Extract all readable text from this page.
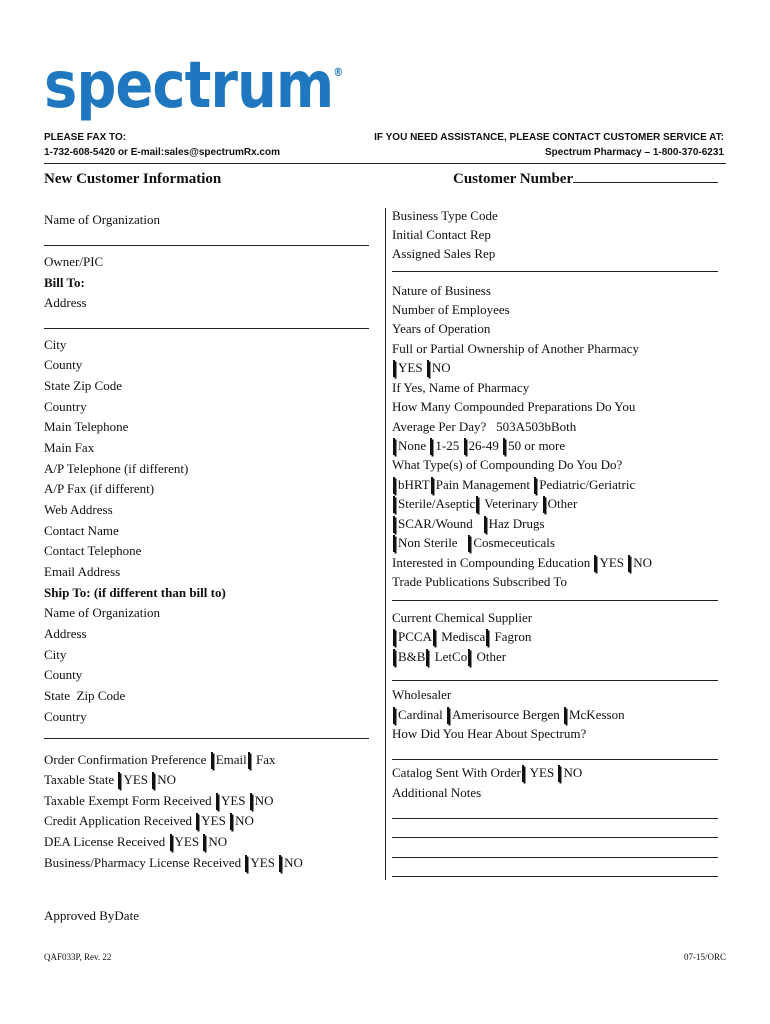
spectrum®
PLEASE FAX TO:
1-732-608-5420 or E-mail:sales@spectrumRx.com
IF YOU NEED ASSISTANCE, PLEASE CONTACT CUSTOMER SERVICE AT:
Spectrum Pharmacy – 1-800-370-6231
New Customer Information	Customer Number
Name of Organization
Owner/PIC
Bill To:
Address
City
County
State Zip Code
Country
Main Telephone
Main Fax
A/P Telephone (if different)
A/P Fax (if different)
Web Address
Contact Name
Contact Telephone
Email Address
Ship To: (if different than bill to)
Name of Organization
Address
City
County
State Zip Code
Country
Order Confirmation Preference Email Fax
Taxable State YES NO
Taxable Exempt Form Received YES NO
Credit Application Received YES NO
DEA License Received YES NO
Business/Pharmacy License Received YES NO
Business Type Code
Initial Contact Rep
Assigned Sales Rep
Nature of Business
Number of Employees
Years of Operation
Full or Partial Ownership of Another Pharmacy
YES NO
If Yes, Name of Pharmacy
How Many Compounded Preparations Do You
Average Per Day? 503A503bBoth
None 1-25 26-49 50 or more
What Type(s) of Compounding Do You Do?
bHRT Pain Management Pediatric/Geriatric
Sterile/Aseptic Veterinary Other
SCAR/Wound Haz Drugs
Non Sterile Cosmeceuticals
Interested in Compounding Education YES NO
Trade Publications Subscribed To
Current Chemical Supplier
PCCA Medisca Fagron
B&B LetCo Other
Wholesaler
Cardinal Amerisource Bergen McKesson
How Did You Hear About Spectrum?
Catalog Sent With Order YES NO
Additional Notes
Approved ByDate
QAF033P, Rev. 22	07-15/ORC
